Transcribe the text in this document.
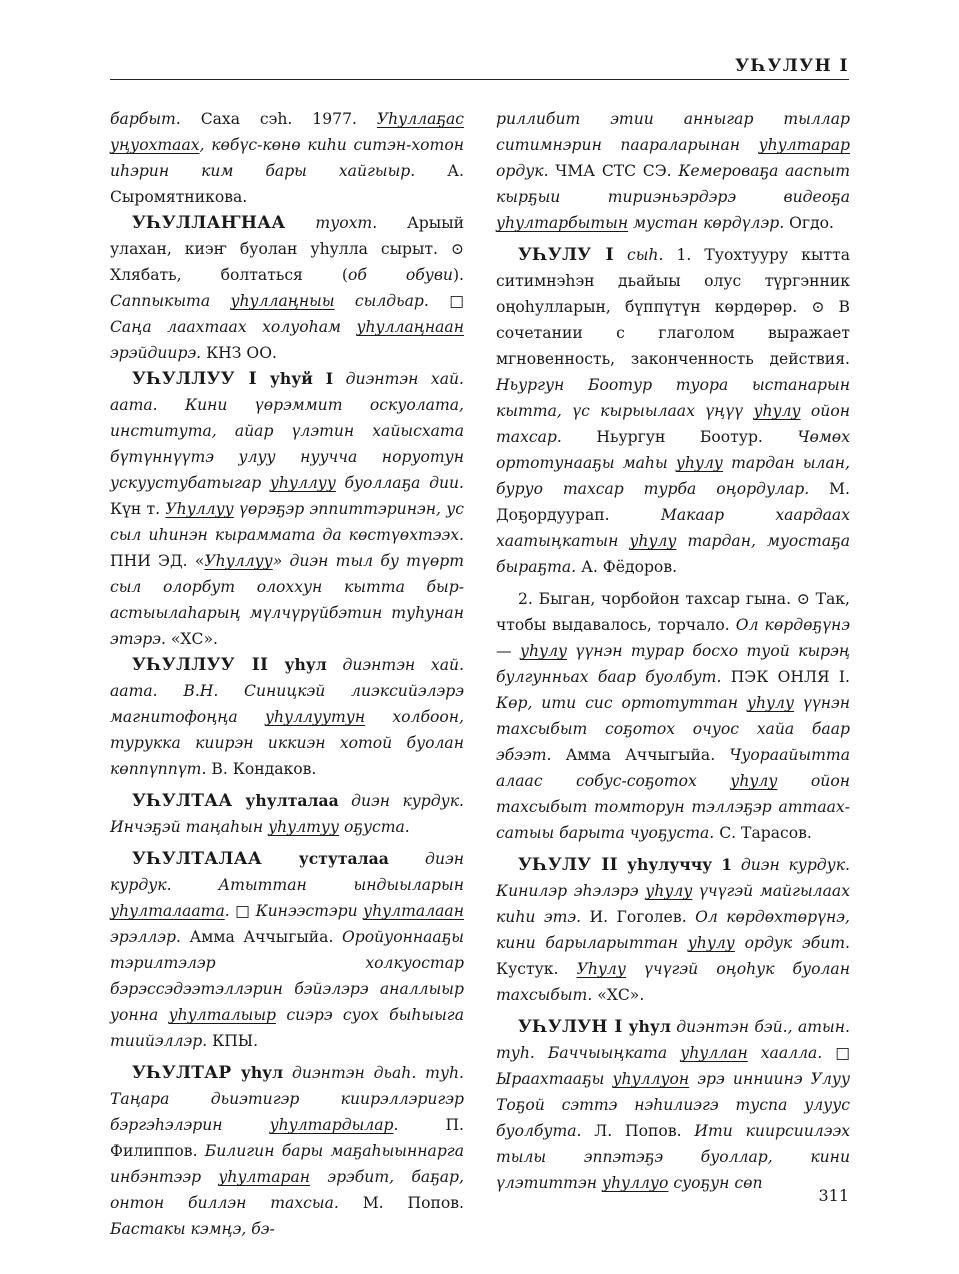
УҺУЛУН I

барбыт. Саха сэһ. 1977. Уһуллаҕас уңуохтаах, көбүс-көнө киһи ситэн-хотон иһэрин ким бары хайгыыр. А. Сыромятникова.

УҺУЛЛАҤНАА туохт. Арыый улахан, киэҥ буолан уһулла сырыт. ⊙ Хлябать, болтаться (об обуви). Саппыкыта уһуллаңныы сылдьар. □ Саңа лаахтаах холуоһам уһуллаңнаан эрэйдиирэ. КНЗ ОО.

УҺУЛЛУУ I уһуй I диэнтэн хай. аата. Кини үөрэммит оскуолата, института, айар үлэтин хайысхата бүтүннүүтэ улуу нуучча норуотун ускуустубатыгар уһуллуу буоллаҕа дии. Күн т. Уһуллуу үөрэҕэр эппиттэринэн, ус сыл иһинэн кыраммата да көстүөхтээх. ПНИ ЭД. «Уһуллуу» диэн тыл бу түөрт сыл олорбут олоххун кытта бырастыылаһарың мүлчүрүйбэтин туһунан этэрэ. «ХС».

УҺУЛЛУУ II уһул диэнтэн хай. аата. В.Н. Синицкэй лиэксийэлэрэ магнитофоңңа уһуллуутун холбоон, турукка киирэн иккиэн хотой буолан көппүппүт. В. Кондаков.

УҺУЛТАА уһулталаа диэн курдук. Инчэҕэй таңаһын уһултуу оҕуста.

УҺУЛТАЛАА устуталаа диэн курдук. Атыттан ындыыларын уһулталаата. □ Кинээстэри уһулталаан эрэллэр. Амма Аччыгыйа. Оройуоннааҕы тэрилтэлэр холкуостар бэрэссэдээтэллэрин бэйэлэрэ аналлыыр уонна уһулталыыр сиэрэ суох быһыыга тиийэллэр. КПЫ.

УҺУЛТАР уһул диэнтэн дьаһ. туһ. Таңара дьиэтигэр киирэллэригэр бэргэһэлэрин уһултардылар. П. Филиппов. Билигин бары маҕаһыыннарга инбэнтээр уһултаран эрэбит, баҕар, онтон биллэн тахсыа. М. Попов. Бастакы кэмңэ, бэ-

риллибит этии анныгар тыллар ситимнэрин паараларынан уһултарар ордук. ЧМА СТС СЭ. Кемероваҕа ааспыт кырҕыи тириэньэрдэрэ видеоҕа уһултарбытын мустан көрдүлэр. Огдо.

УҺУЛУ I сыһ. 1. Туохтууру кытта ситимнэһэн дьайыы олус түргэнник оңоһулларын, бүппүтүн көрдөрөр. ⊙ В сочетании с глаголом выражает мгновенность, законченность действия. Ньургун Боотур туора ыстанарын кытта, үс кырыылаах үңүү уһулу ойон тахсар. Ньургун Боотур. Чөмөх ортотунааҕы маһы уһулу тардан ылан, буруо тахсар турба оңордулар. М. Доҕордуурап. Макаар хаардаах хаатыңкатын уһулу тардан, муостаҕа быраҕта. А. Фёдоров.

2. Быган, чорбойон тахсар гына. ⊙ Так, чтобы выдавалось, торчало. Ол көрдөҕүнэ — уһулу үүнэн турар босхо туой кырэң булгунньах баар буолбут. ПЭК ОНЛЯ I. Көр, ити сис ортотуттан уһулу үүнэн тахсыбыт соҕотох очуос хайа баар эбээт. Амма Аччыгыйа. Чуораайытта алаас собус-соҕотох уһулу ойон тахсыбыт томторун тэллэҕэр аттаах-сатыы барыта чуоҕуста. С. Тарасов.

УҺУЛУ II уһулуччу 1 диэн курдук. Кинилэр эһэлэрэ уһулу үчүгэй майгылаах киһи этэ. И. Гоголев. Ол көрдөхтөрүнэ, кини барыларыттан уһулу ордук эбит. Кустук. Уһулу үчүгэй оңоһук буолан тахсыбыт. «ХС».

УҺУЛУН I уһул диэнтэн бэй., атын. туһ. Баччыыңката уһуллан хаалла. □ Ыраахтааҕы уһуллуон эрэ инниинэ Улуу Тоҕой сэттэ нэһилиэгэ туспа улуус буолбута. Л. Попов. Ити киирсиилээх тылы эппэтэҕэ буоллар, кини үлэтиттэн уһуллуо суоҕун сөп

311
